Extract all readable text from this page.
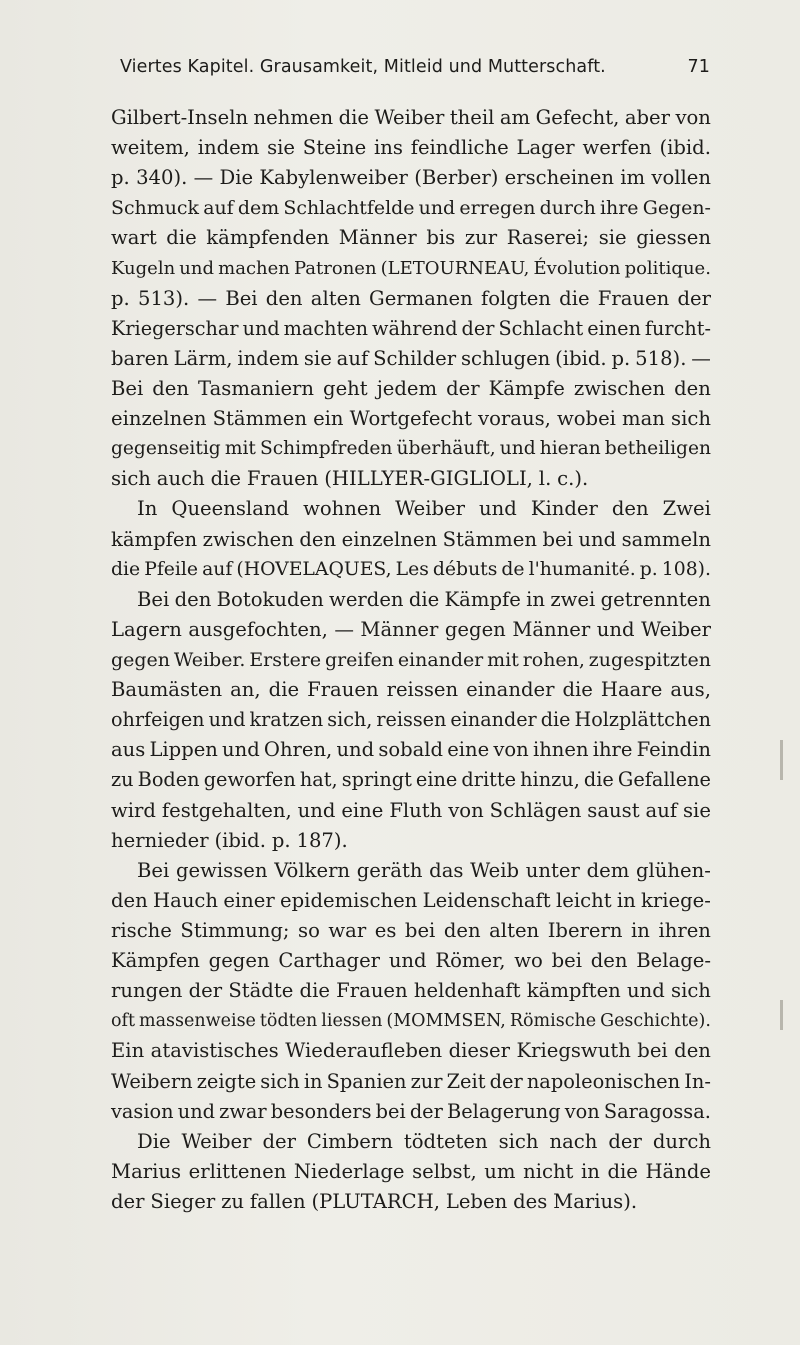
Viertes Kapitel. Grausamkeit, Mitleid und Mutterschaft.	71
Gilbert-Inseln nehmen die Weiber theil am Gefecht, aber von
weitem, indem sie Steine ins feindliche Lager werfen (ibid.
p. 340). — Die Kabylenweiber (Berber) erscheinen im vollen
Schmuck auf dem Schlachtfelde und erregen durch ihre Gegen-
wart die kämpfenden Männer bis zur Raserei; sie giessen
Kugeln und machen Patronen (LETOURNEAU, Évolution politique.
p. 513). — Bei den alten Germanen folgten die Frauen der
Kriegerschar und machten während der Schlacht einen furcht-
baren Lärm, indem sie auf Schilder schlugen (ibid. p. 518). —
Bei den Tasmaniern geht jedem der Kämpfe zwischen den
einzelnen Stämmen ein Wortgefecht voraus, wobei man sich
gegenseitig mit Schimpfreden überhäuft, und hieran betheiligen
sich auch die Frauen (HILLYER-GIGLIOLI, l. c.).
In Queensland wohnen Weiber und Kinder den Zwei
kämpfen zwischen den einzelnen Stämmen bei und sammeln
die Pfeile auf (HOVELAQUES, Les débuts de l'humanité. p. 108).
Bei den Botokuden werden die Kämpfe in zwei getrennten
Lagern ausgefochten, — Männer gegen Männer und Weiber
gegen Weiber. Erstere greifen einander mit rohen, zugespitzten
Baumästen an, die Frauen reissen einander die Haare aus,
ohrfeigen und kratzen sich, reissen einander die Holzplättchen
aus Lippen und Ohren, und sobald eine von ihnen ihre Feindin
zu Boden geworfen hat, springt eine dritte hinzu, die Gefallene
wird festgehalten, und eine Fluth von Schlägen saust auf sie
hernieder (ibid. p. 187).
Bei gewissen Völkern geräth das Weib unter dem glühen-
den Hauch einer epidemischen Leidenschaft leicht in kriege-
rische Stimmung; so war es bei den alten Iberern in ihren
Kämpfen gegen Carthager und Römer, wo bei den Belage-
rungen der Städte die Frauen heldenhaft kämpften und sich
oft massenweise tödten liessen (MOMMSEN, Römische Geschichte).
Ein atavistisches Wiederaufleben dieser Kriegswuth bei den
Weibern zeigte sich in Spanien zur Zeit der napoleonischen In-
vasion und zwar besonders bei der Belagerung von Saragossa.
Die Weiber der Cimbern tödteten sich nach der durch
Marius erlittenen Niederlage selbst, um nicht in die Hände
der Sieger zu fallen (PLUTARCH, Leben des Marius).
